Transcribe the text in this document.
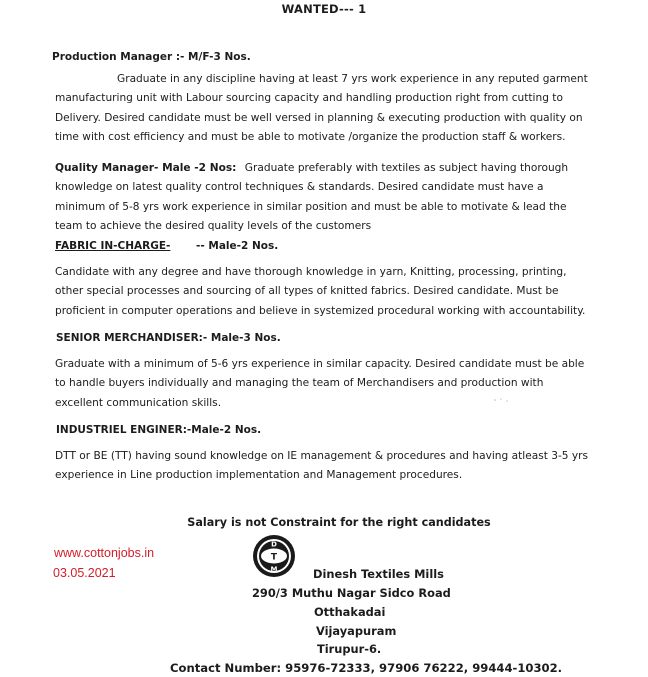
WANTED--- 1
Production Manager :- M/F-3 Nos.
Graduate in any discipline having at least 7 yrs work experience in any reputed garment
manufacturing unit with Labour sourcing capacity and handling production right from cutting to
Delivery. Desired candidate must be well versed in planning & executing production with quality on
time with cost efficiency and must be able to motivate /organize the production staff & workers.
Quality Manager- Male -2 Nos: Graduate preferably with textiles as subject having thorough
knowledge on latest quality control techniques & standards. Desired candidate must have a
minimum of 5-8 yrs work experience in similar position and must be able to motivate & lead the
team to achieve the desired quality levels of the customers
FABRIC IN-CHARGE- -- Male-2 Nos.
Candidate with any degree and have thorough knowledge in yarn, Knitting, processing, printing,
other special processes and sourcing of all types of knitted fabrics. Desired candidate. Must be
proficient in computer operations and believe in systemized procedural working with accountability.
SENIOR MERCHANDISER:- Male-3 Nos.
Graduate with a minimum of 5-6 yrs experience in similar capacity. Desired candidate must be able
to handle buyers individually and managing the team of Merchandisers and production with
excellent communication skills.
INDUSTRIEL ENGINER:-Male-2 Nos.
DTT or BE (TT) having sound knowledge on IE management & procedures and having atleast 3-5 yrs
experience in Line production implementation and Management procedures.
Salary is not Constraint for the right candidates
www.cottonjobs.in
03.05.2021
D
T
M	Dinesh Textiles Mills
290/3 Muthu Nagar Sidco Road
Otthakadai
Vijayapuram
Tirupur-6.
Contact Number: 95976-72333, 97906 76222, 99444-10302.
